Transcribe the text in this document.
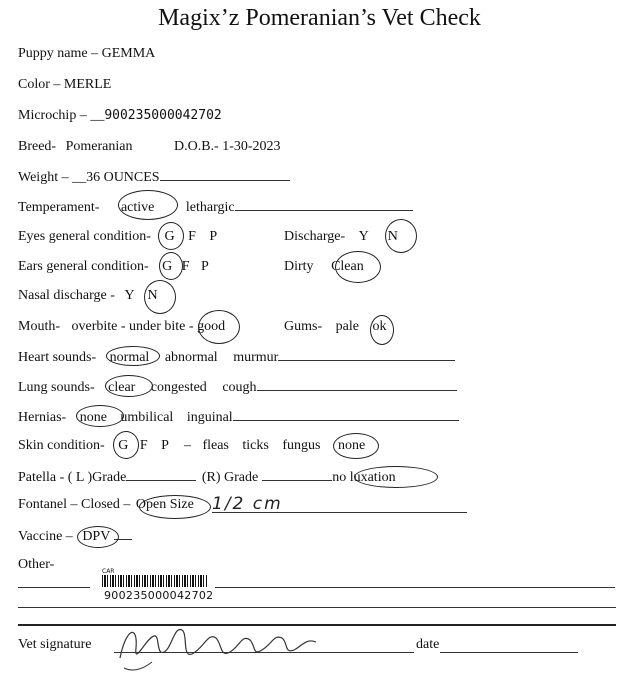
Magix’z Pomeranian’s Vet Check
Puppy name – GEMMA
Color – MERLE
Microchip – __900235000042702
Breed- Pomeranian	D.O.B.- 1-30-2023
Weight – __36 OUNCES
Temperament- active lethargic
Eyes general condition- G F P	Discharge- Y N
Ears general condition- G F P	Dirty Clean
Nasal discharge - Y N
Mouth- overbite - under bite - good	Gums- pale ok
Heart sounds- normal abnormal murmur
Lung sounds- clear congested cough
Hernias- none umbilical inguinal
Skin condition- G F P – fleas ticks fungus none
Patella - ( L )Grade	(R) Grade	no luxation
Fontanel – Closed – Open Size 1/2 cm
Vaccine – DPV
Other-	CAR
900235000042702
Vet signature	date
